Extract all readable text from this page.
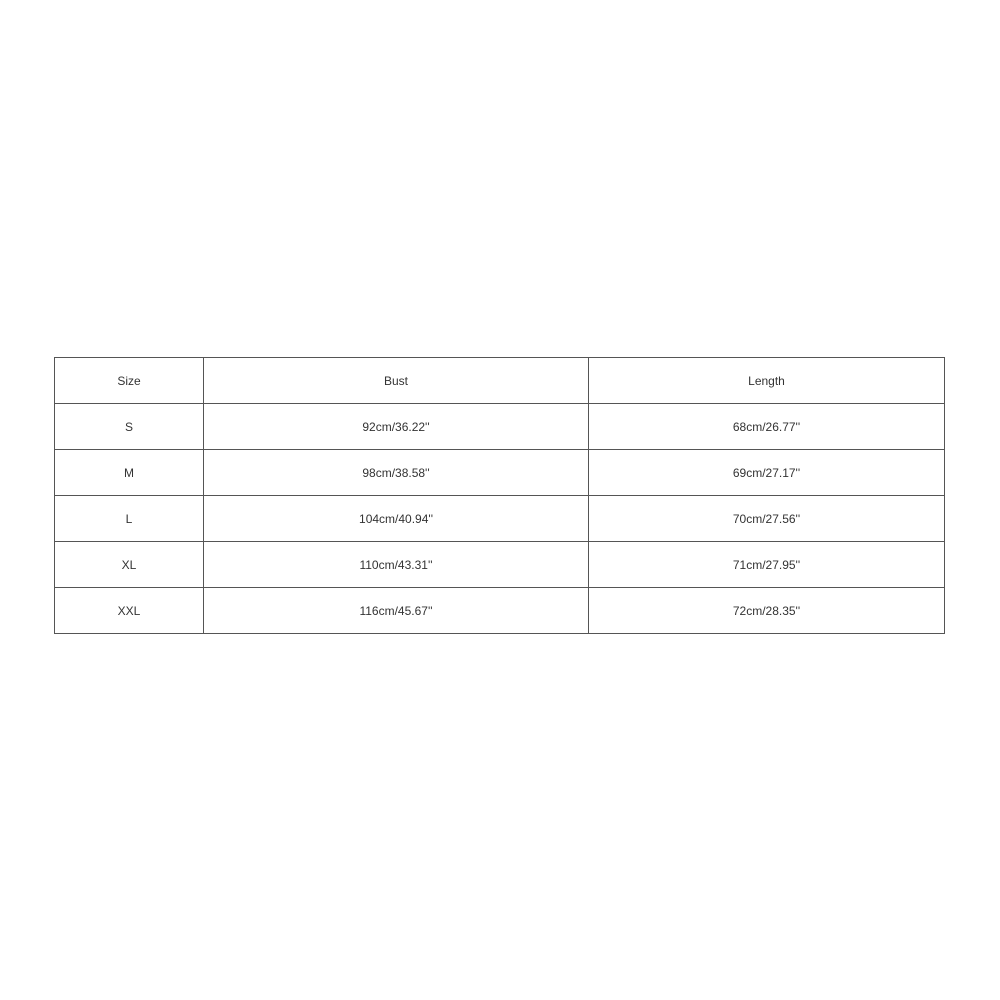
Size	Bust	Length
S	92cm/36.22''	68cm/26.77''
M	98cm/38.58''	69cm/27.17''
L	104cm/40.94''	70cm/27.56''
XL	110cm/43.31''	71cm/27.95''
XXL	116cm/45.67''	72cm/28.35''
